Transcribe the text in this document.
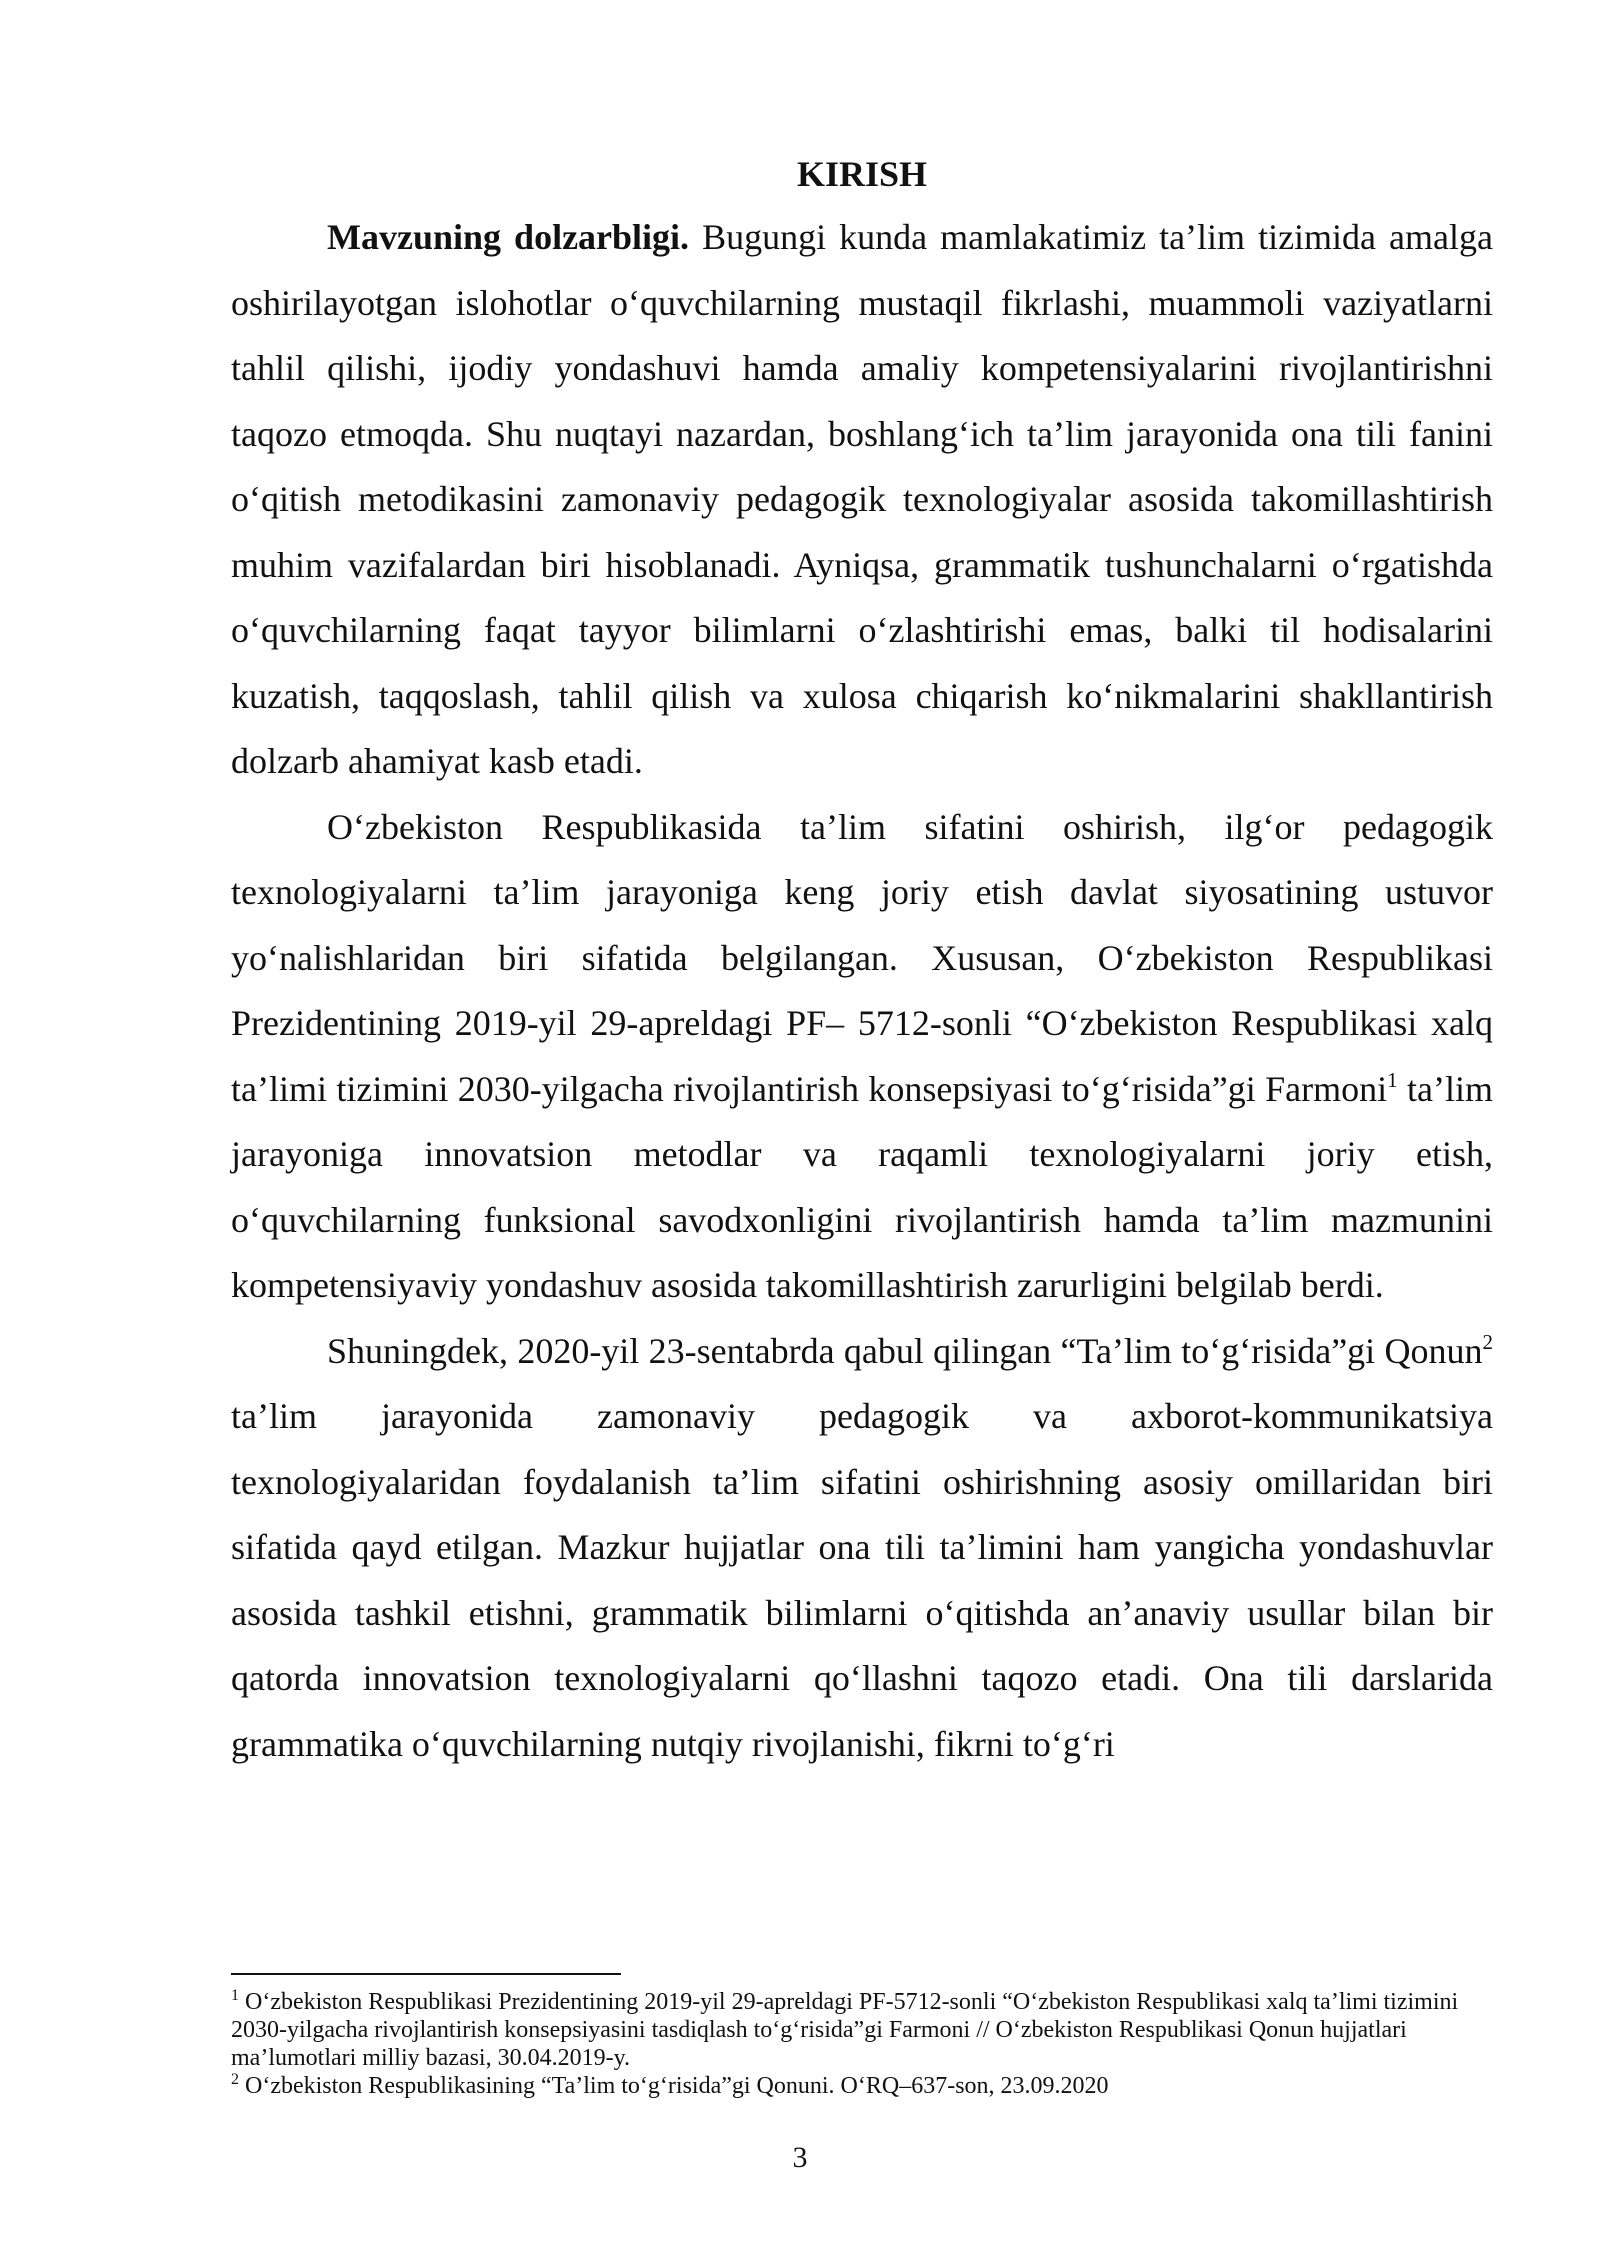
KIRISH

Mavzuning dolzarbligi. Bugungi kunda mamlakatimiz ta’lim tizimida amalga oshirilayotgan islohotlar o‘quvchilarning mustaqil fikrlashi, muammoli vaziyatlarni tahlil qilishi, ijodiy yondashuvi hamda amaliy kompetensiyalarini rivojlantirishni taqozo etmoqda. Shu nuqtayi nazardan, boshlang‘ich ta’lim jarayonida ona tili fanini o‘qitish metodikasini zamonaviy pedagogik texnologiyalar asosida takomillashtirish muhim vazifalardan biri hisoblanadi. Ayniqsa, grammatik tushunchalarni o‘rgatishda o‘quvchilarning faqat tayyor bilimlarni o‘zlashtirishi emas, balki til hodisalarini kuzatish, taqqoslash, tahlil qilish va xulosa chiqarish ko‘nikmalarini shakllantirish dolzarb ahamiyat kasb etadi.

O‘zbekiston Respublikasida ta’lim sifatini oshirish, ilg‘or pedagogik texnologiyalarni ta’lim jarayoniga keng joriy etish davlat siyosatining ustuvor yo‘nalishlaridan biri sifatida belgilangan. Xususan, O‘zbekiston Respublikasi Prezidentining 2019-yil 29-apreldagi PF– 5712-sonli “O‘zbekiston Respublikasi xalq ta’limi tizimini 2030-yilgacha rivojlantirish konsepsiyasi to‘g‘risida”gi Farmoni$^1$ ta’lim jarayoniga innovatsion metodlar va raqamli texnologiyalarni joriy etish, o‘quvchilarning funksional savodxonligini rivojlantirish hamda ta’lim mazmunini kompetensiyaviy yondashuv asosida takomillashtirish zarurligini belgilab berdi.

Shuningdek, 2020-yil 23-sentabrda qabul qilingan “Ta’lim to‘g‘risida”gi Qonun$^2$ ta’lim jarayonida zamonaviy pedagogik va axborot-kommunikatsiya texnologiyalaridan foydalanish ta’lim sifatini oshirishning asosiy omillaridan biri sifatida qayd etilgan. Mazkur hujjatlar ona tili ta’limini ham yangicha yondashuvlar asosida tashkil etishni, grammatik bilimlarni o‘qitishda an’anaviy usullar bilan bir qatorda innovatsion texnologiyalarni qo‘llashni taqozo etadi. Ona tili darslarida grammatika o‘quvchilarning nutqiy rivojlanishi, fikrni to‘g‘ri

$^1$ O‘zbekiston Respublikasi Prezidentining 2019-yil 29-apreldagi PF-5712-sonli “O‘zbekiston Respublikasi xalq ta’limi tizimini 2030-yilgacha rivojlantirish konsepsiyasini tasdiqlash to‘g‘risida”gi Farmoni // O‘zbekiston Respublikasi Qonun hujjatlari ma’lumotlari milliy bazasi, 30.04.2019-y.

$^2$ O‘zbekiston Respublikasining “Ta’lim to‘g‘risida”gi Qonuni. O‘RQ–637-son, 23.09.2020

3
